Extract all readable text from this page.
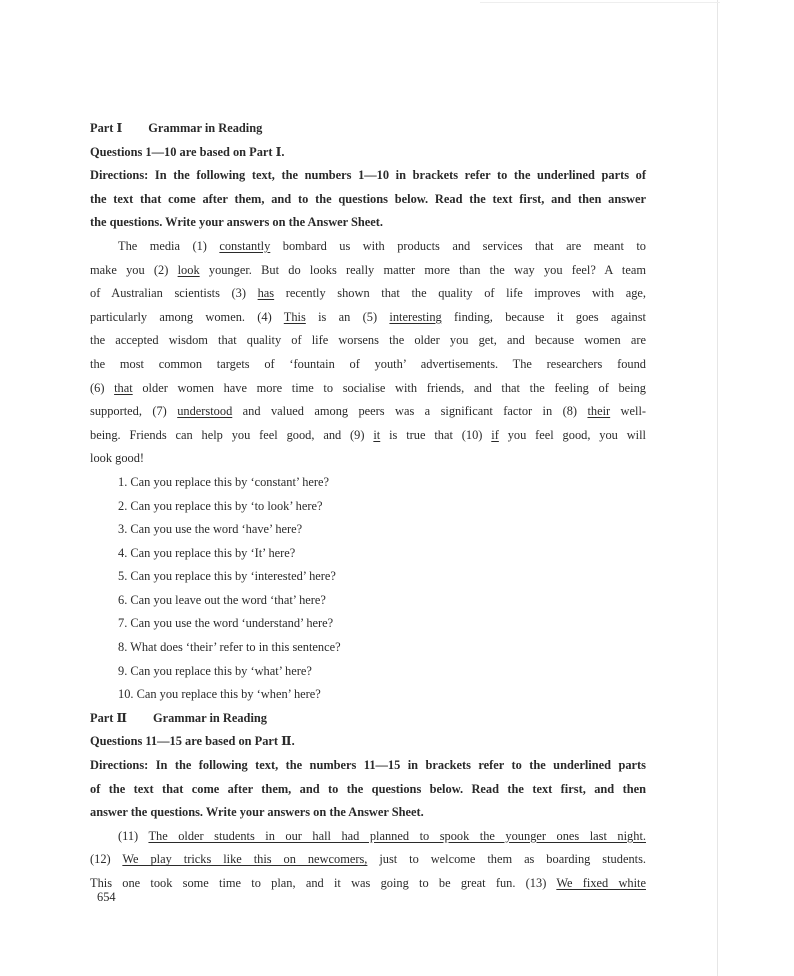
Part Ⅰ Grammar in Reading
Questions 1—10 are based on Part Ⅰ.
Directions: In the following text, the numbers 1—10 in brackets refer to the underlined parts of
the text that come after them, and to the questions below. Read the text first, and then answer
the questions. Write your answers on the Answer Sheet.
The media (1) constantly bombard us with products and services that are meant to
make you (2) look younger. But do looks really matter more than the way you feel? A team
of Australian scientists (3) has recently shown that the quality of life improves with age,
particularly among women. (4) This is an (5) interesting finding, because it goes against
the accepted wisdom that quality of life worsens the older you get, and because women are
the most common targets of ‘fountain of youth’ advertisements. The researchers found
(6) that older women have more time to socialise with friends, and that the feeling of being
supported, (7) understood and valued among peers was a significant factor in (8) their well-
being. Friends can help you feel good, and (9) it is true that (10) if you feel good, you will
look good!
1. Can you replace this by ‘constant’ here?
2. Can you replace this by ‘to look’ here?
3. Can you use the word ‘have’ here?
4. Can you replace this by ‘It’ here?
5. Can you replace this by ‘interested’ here?
6. Can you leave out the word ‘that’ here?
7. Can you use the word ‘understand’ here?
8. What does ‘their’ refer to in this sentence?
9. Can you replace this by ‘what’ here?
10. Can you replace this by ‘when’ here?
Part Ⅱ Grammar in Reading
Questions 11—15 are based on Part Ⅱ.
Directions: In the following text, the numbers 11—15 in brackets refer to the underlined parts
of the text that come after them, and to the questions below. Read the text first, and then
answer the questions. Write your answers on the Answer Sheet.
(11) The older students in our hall had planned to spook the younger ones last night.
(12) We play tricks like this on newcomers, just to welcome them as boarding students.
This one took some time to plan, and it was going to be great fun. (13) We fixed white
654
